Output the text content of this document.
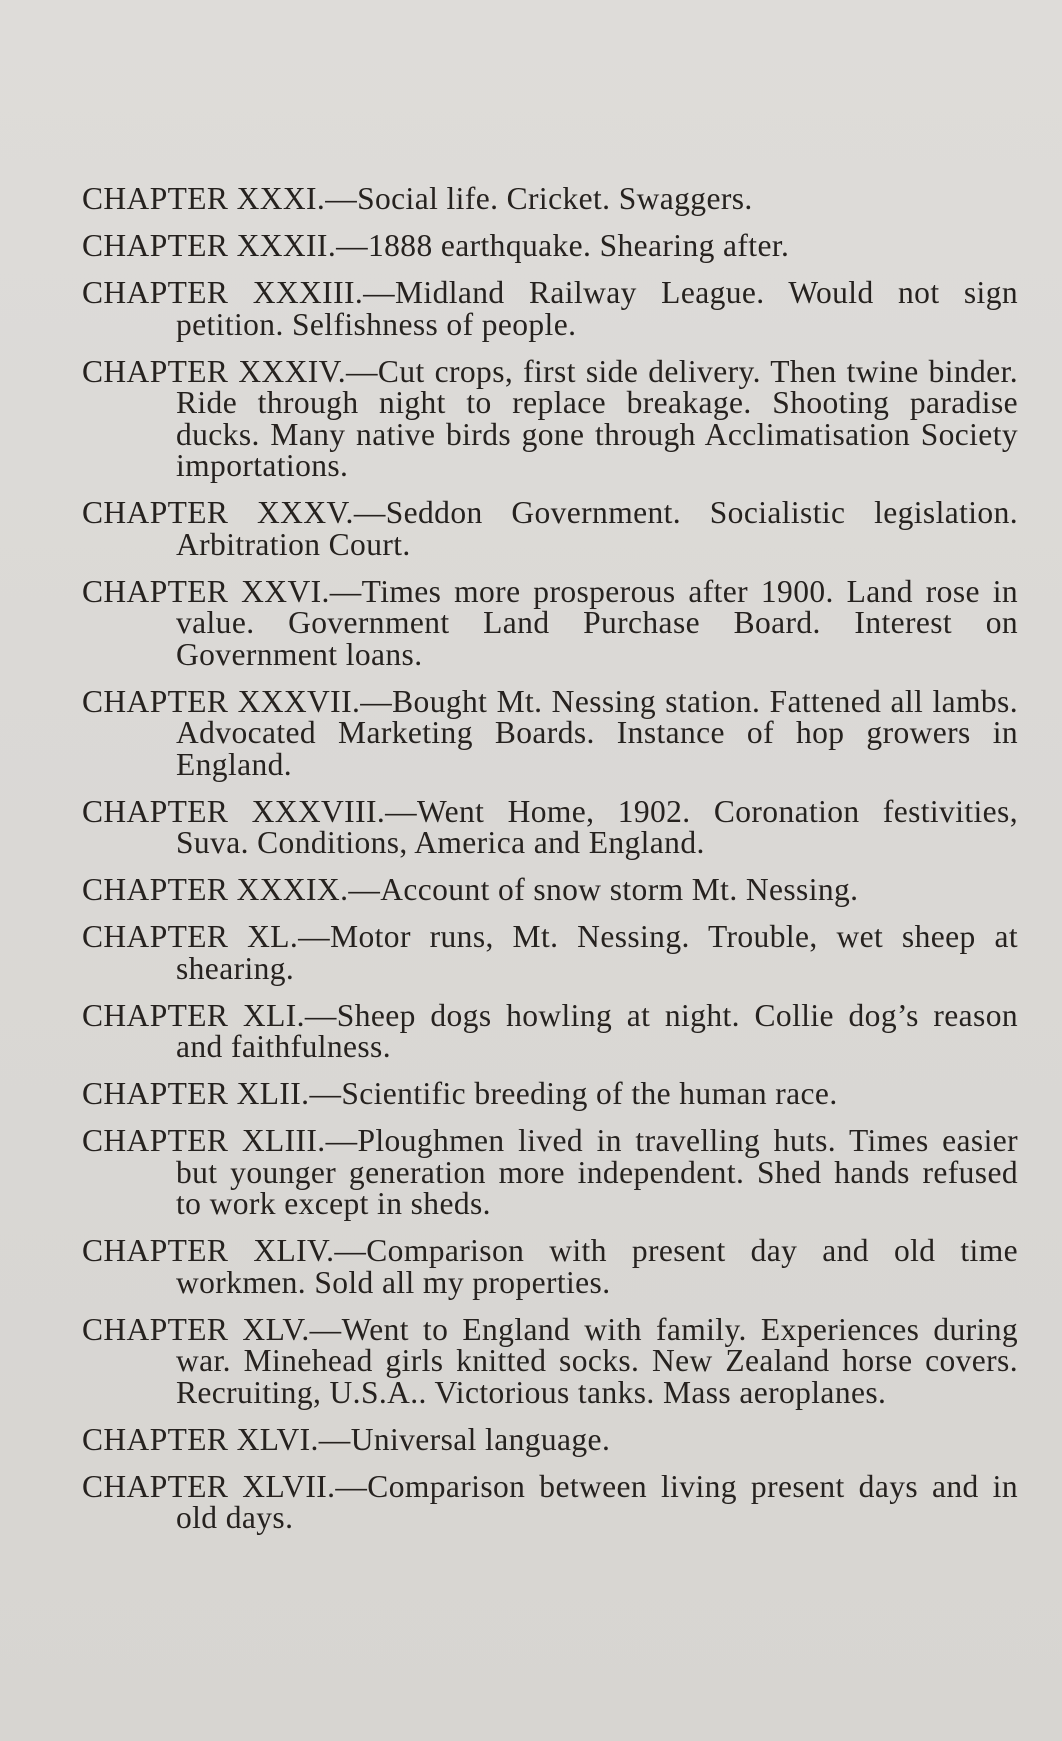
CHAPTER XXXI.—Social life. Cricket. Swaggers.

CHAPTER XXXII.—1888 earthquake. Shearing after.

CHAPTER XXXIII.—Midland Railway League. Would not sign petition. Selfishness of people.

CHAPTER XXXIV.—Cut crops, first side delivery. Then twine binder. Ride through night to replace breakage. Shooting paradise ducks. Many native birds gone through Acclimatisation Society importations.

CHAPTER XXXV.—Seddon Government. Socialistic legislation. Arbitration Court.

CHAPTER XXVI.—Times more prosperous after 1900. Land rose in value. Government Land Purchase Board. Interest on Government loans.

CHAPTER XXXVII.—Bought Mt. Nessing station. Fattened all lambs. Advocated Marketing Boards. Instance of hop growers in England.

CHAPTER XXXVIII.—Went Home, 1902. Coronation festivities, Suva. Conditions, America and England.

CHAPTER XXXIX.—Account of snow storm Mt. Nessing.

CHAPTER XL.—Motor runs, Mt. Nessing. Trouble, wet sheep at shearing.

CHAPTER XLI.—Sheep dogs howling at night. Collie dog’s reason and faithfulness.

CHAPTER XLII.—Scientific breeding of the human race.

CHAPTER XLIII.—Ploughmen lived in travelling huts. Times easier but younger generation more independent. Shed hands refused to work except in sheds.

CHAPTER XLIV.—Comparison with present day and old time workmen. Sold all my properties.

CHAPTER XLV.—Went to England with family. Experiences during war. Minehead girls knitted socks. New Zealand horse covers. Recruiting, U.S.A.. Victorious tanks. Mass aeroplanes.

CHAPTER XLVI.—Universal language.

CHAPTER XLVII.—Comparison between living present days and in old days.
